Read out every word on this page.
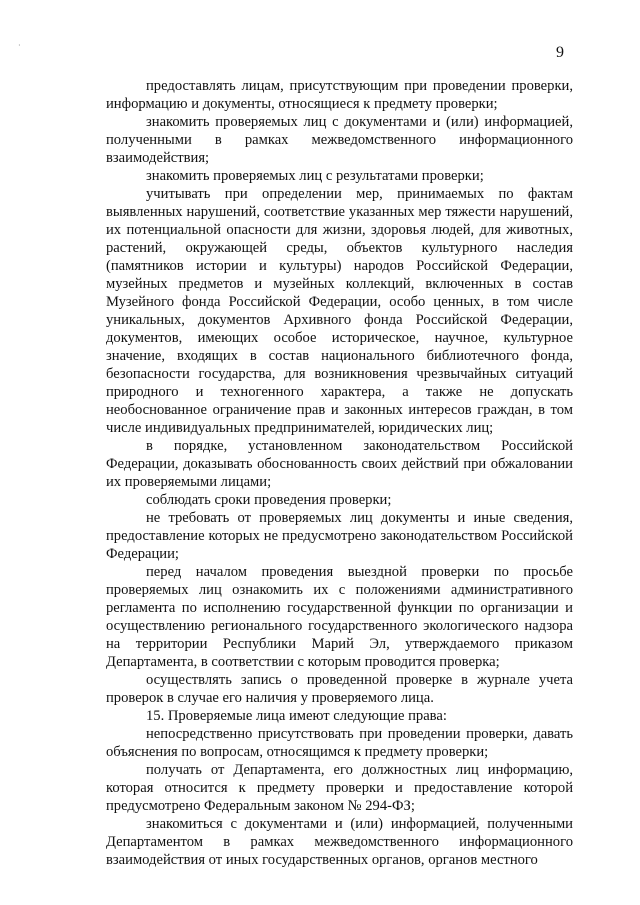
·	9

предоставлять лицам, присутствующим при проведении проверки, информацию и документы, относящиеся к предмету проверки;

знакомить проверяемых лиц с документами и (или) информацией, полученными в рамках межведомственного информационного взаимодействия;

знакомить проверяемых лиц с результатами проверки;

учитывать при определении мер, принимаемых по фактам выявленных нарушений, соответствие указанных мер тяжести нарушений, их потенциальной опасности для жизни, здоровья людей, для животных, растений, окружающей среды, объектов культурного наследия (памятников истории и культуры) народов Российской Федерации, музейных предметов и музейных коллекций, включенных в состав Музейного фонда Российской Федерации, особо ценных, в том числе уникальных, документов Архивного фонда Российской Федерации, документов, имеющих особое историческое, научное, культурное значение, входящих в состав национального библиотечного фонда, безопасности государства, для возникновения чрезвычайных ситуаций природного и техногенного характера, а также не допускать необоснованное ограничение прав и законных интересов граждан, в том числе индивидуальных предпринимателей, юридических лиц;

в порядке, установленном законодательством Российской Федерации, доказывать обоснованность своих действий при обжаловании их проверяемыми лицами;

соблюдать сроки проведения проверки;

не требовать от проверяемых лиц документы и иные сведения, предоставление которых не предусмотрено законодательством Российской Федерации;

перед началом проведения выездной проверки по просьбе проверяемых лиц ознакомить их с положениями административного регламента по исполнению государственной функции по организации и осуществлению регионального государственного экологического надзора на территории Республики Марий Эл, утверждаемого приказом Департамента, в соответствии с которым проводится проверка;

осуществлять запись о проведенной проверке в журнале учета проверок в случае его наличия у проверяемого лица.

15. Проверяемые лица имеют следующие права:

непосредственно присутствовать при проведении проверки, давать объяснения по вопросам, относящимся к предмету проверки;

получать от Департамента, его должностных лиц информацию, которая относится к предмету проверки и предоставление которой предусмотрено Федеральным законом № 294-ФЗ;

знакомиться с документами и (или) информацией, полученными Департаментом в рамках межведомственного информационного взаимодействия от иных государственных органов, органов местного
